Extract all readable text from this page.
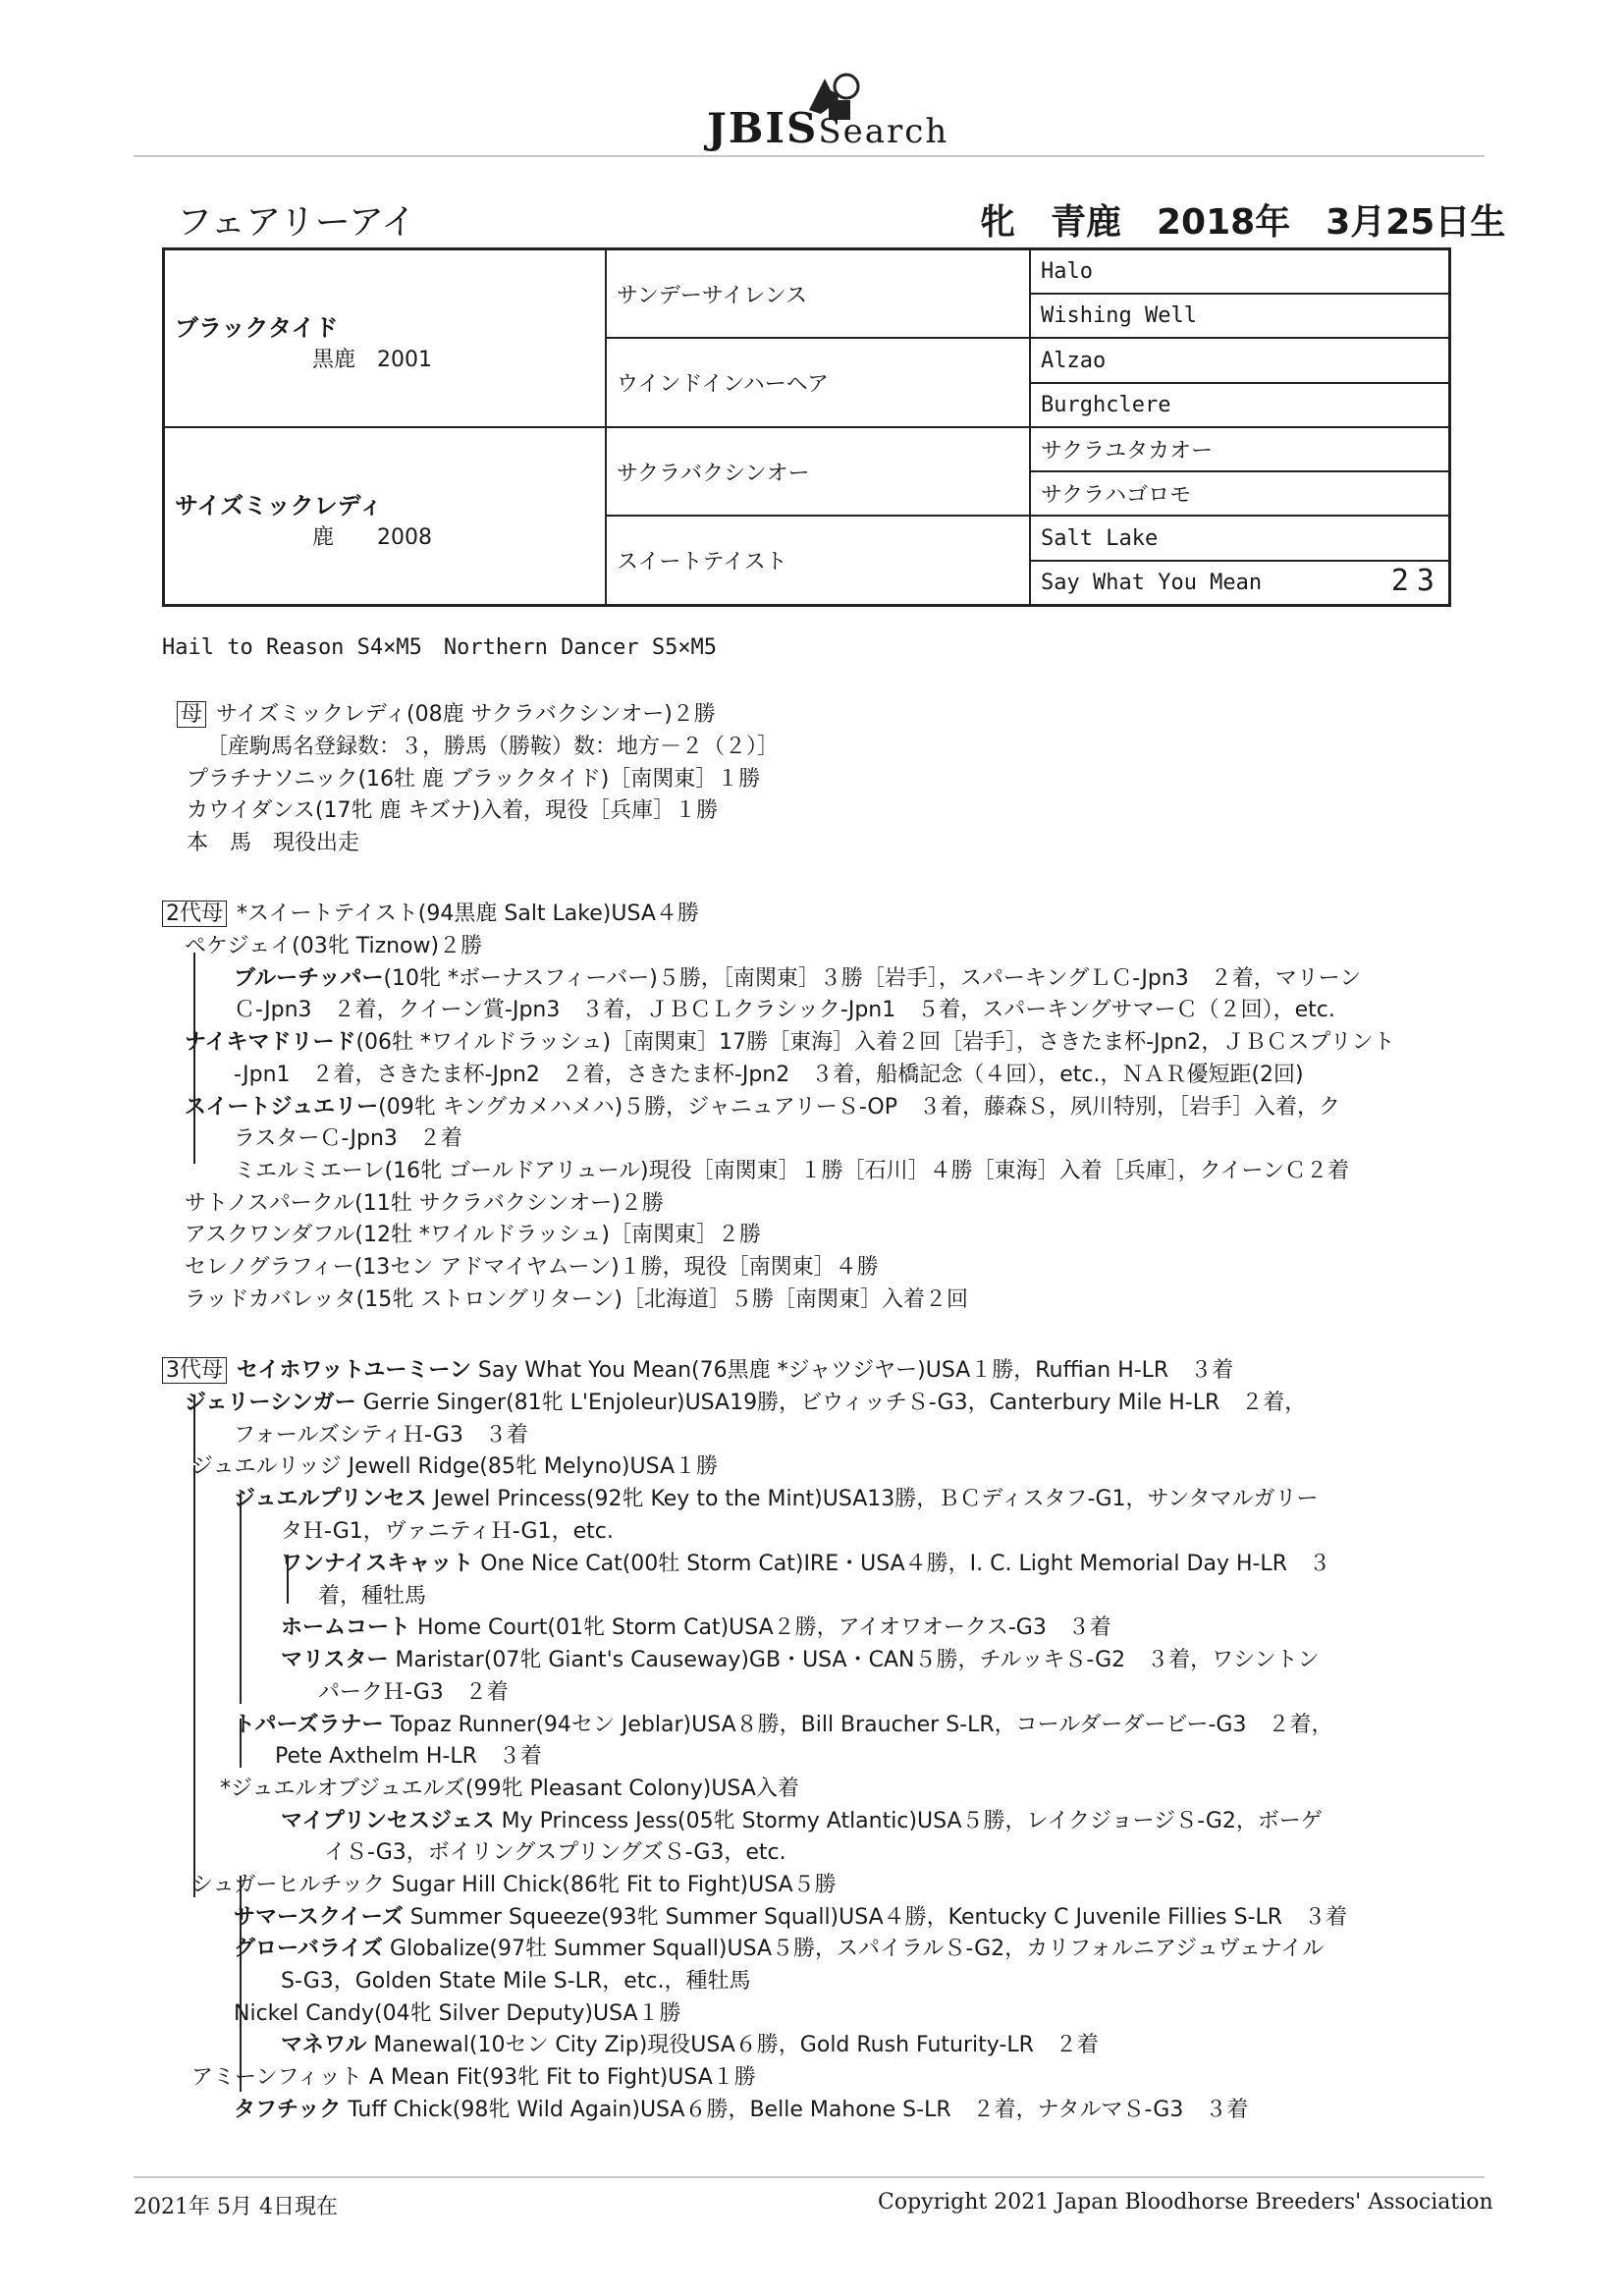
JBISSearch
フェアリーアイ	牝　青鹿　2018年　3月25日生
ブラックタイド
黒鹿　2001	サンデーサイレンス	Halo
		Wishing Well
	ウインドインハーヘア	Alzao
		Burghclere

サイズミックレディ
鹿　　2008	サクラバクシンオー	サクラユタカオー
		サクラハゴロモ
	スイートテイスト	Salt Lake
		Say What You Mean 23
Hail to Reason S4×M5　Northern Dancer S5×M5
母 サイズミックレディ(08鹿 サクラバクシンオー)２勝
［産駒馬名登録数：３，勝馬（勝鞍）数：地方－２（２）］
プラチナソニック(16牡 鹿 ブラックタイド)［南関東］１勝
カウイダンス(17牝 鹿 キズナ)入着，現役［兵庫］１勝
本　馬　現役出走
2代母 *スイートテイスト(94黒鹿 Salt Lake)USA４勝
ペケジェイ(03牝 Tiznow)２勝
ブルーチッパー(10牝 *ボーナスフィーバー)５勝，［南関東］３勝［岩手］，スパーキングＬＣ-Jpn3　２着，マリーン
Ｃ-Jpn3　２着，クイーン賞-Jpn3　３着，ＪＢＣＬクラシック-Jpn1　５着，スパーキングサマーＣ（２回），etc.
ナイキマドリード(06牡 *ワイルドラッシュ)［南関東］17勝［東海］入着２回［岩手］，さきたま杯-Jpn2，ＪＢＣスプリント
-Jpn1　２着，さきたま杯-Jpn2　２着，さきたま杯-Jpn2　３着，船橋記念（４回），etc.，ＮＡＲ優短距(2回)
スイートジュエリー(09牝 キングカメハメハ)５勝，ジャニュアリーＳ-OP　３着，藤森Ｓ，夙川特別，［岩手］入着，ク
ラスターＣ-Jpn3　２着
ミエルミエーレ(16牝 ゴールドアリュール)現役［南関東］１勝［石川］４勝［東海］入着［兵庫］，クイーンＣ２着
サトノスパークル(11牡 サクラバクシンオー)２勝
アスクワンダフル(12牡 *ワイルドラッシュ)［南関東］２勝
セレノグラフィー(13セン アドマイヤムーン)１勝，現役［南関東］４勝
ラッドカバレッタ(15牝 ストロングリターン)［北海道］５勝［南関東］入着２回
3代母 セイホワットユーミーン Say What You Mean(76黒鹿 *ジャツジヤー)USA１勝，Ruffian H-LR　３着
ジェリーシンガー Gerrie Singer(81牝 L'Enjoleur)USA19勝，ビウィッチＳ-G3，Canterbury Mile H-LR　２着，
フォールズシティＨ-G3　３着
ジュエルリッジ Jewell Ridge(85牝 Melyno)USA１勝
ジュエルプリンセス Jewel Princess(92牝 Key to the Mint)USA13勝，ＢＣディスタフ-G1，サンタマルガリー
タＨ-G1，ヴァニティＨ-G1，etc.
ワンナイスキャット One Nice Cat(00牡 Storm Cat)IRE・USA４勝，I. C. Light Memorial Day H-LR　３
着，種牡馬
ホームコート Home Court(01牝 Storm Cat)USA２勝，アイオワオークス-G3　３着
マリスター Maristar(07牝 Giant's Causeway)GB・USA・CAN５勝，チルッキＳ-G2　３着，ワシントン
パークＨ-G3　２着
トパーズラナー Topaz Runner(94セン Jeblar)USA８勝，Bill Braucher S-LR，コールダーダービー-G3　２着，
Pete Axthelm H-LR　３着
*ジュエルオブジュエルズ(99牝 Pleasant Colony)USA入着
マイプリンセスジェス My Princess Jess(05牝 Stormy Atlantic)USA５勝，レイクジョージＳ-G2，ボーゲ
イＳ-G3，ボイリングスプリングズＳ-G3，etc.
シュガーヒルチック Sugar Hill Chick(86牝 Fit to Fight)USA５勝
サマースクイーズ Summer Squeeze(93牝 Summer Squall)USA４勝，Kentucky C Juvenile Fillies S-LR　３着
グローバライズ Globalize(97牡 Summer Squall)USA５勝，スパイラルＳ-G2，カリフォルニアジュヴェナイル
S-G3，Golden State Mile S-LR，etc.，種牡馬
Nickel Candy(04牝 Silver Deputy)USA１勝
マネワル Manewal(10セン City Zip)現役USA６勝，Gold Rush Futurity-LR　２着
アミーンフィット A Mean Fit(93牝 Fit to Fight)USA１勝
タフチック Tuff Chick(98牝 Wild Again)USA６勝，Belle Mahone S-LR　２着，ナタルマＳ-G3　３着
2021年 5月 4日現在	Copyright 2021 Japan Bloodhorse Breeders' Association
